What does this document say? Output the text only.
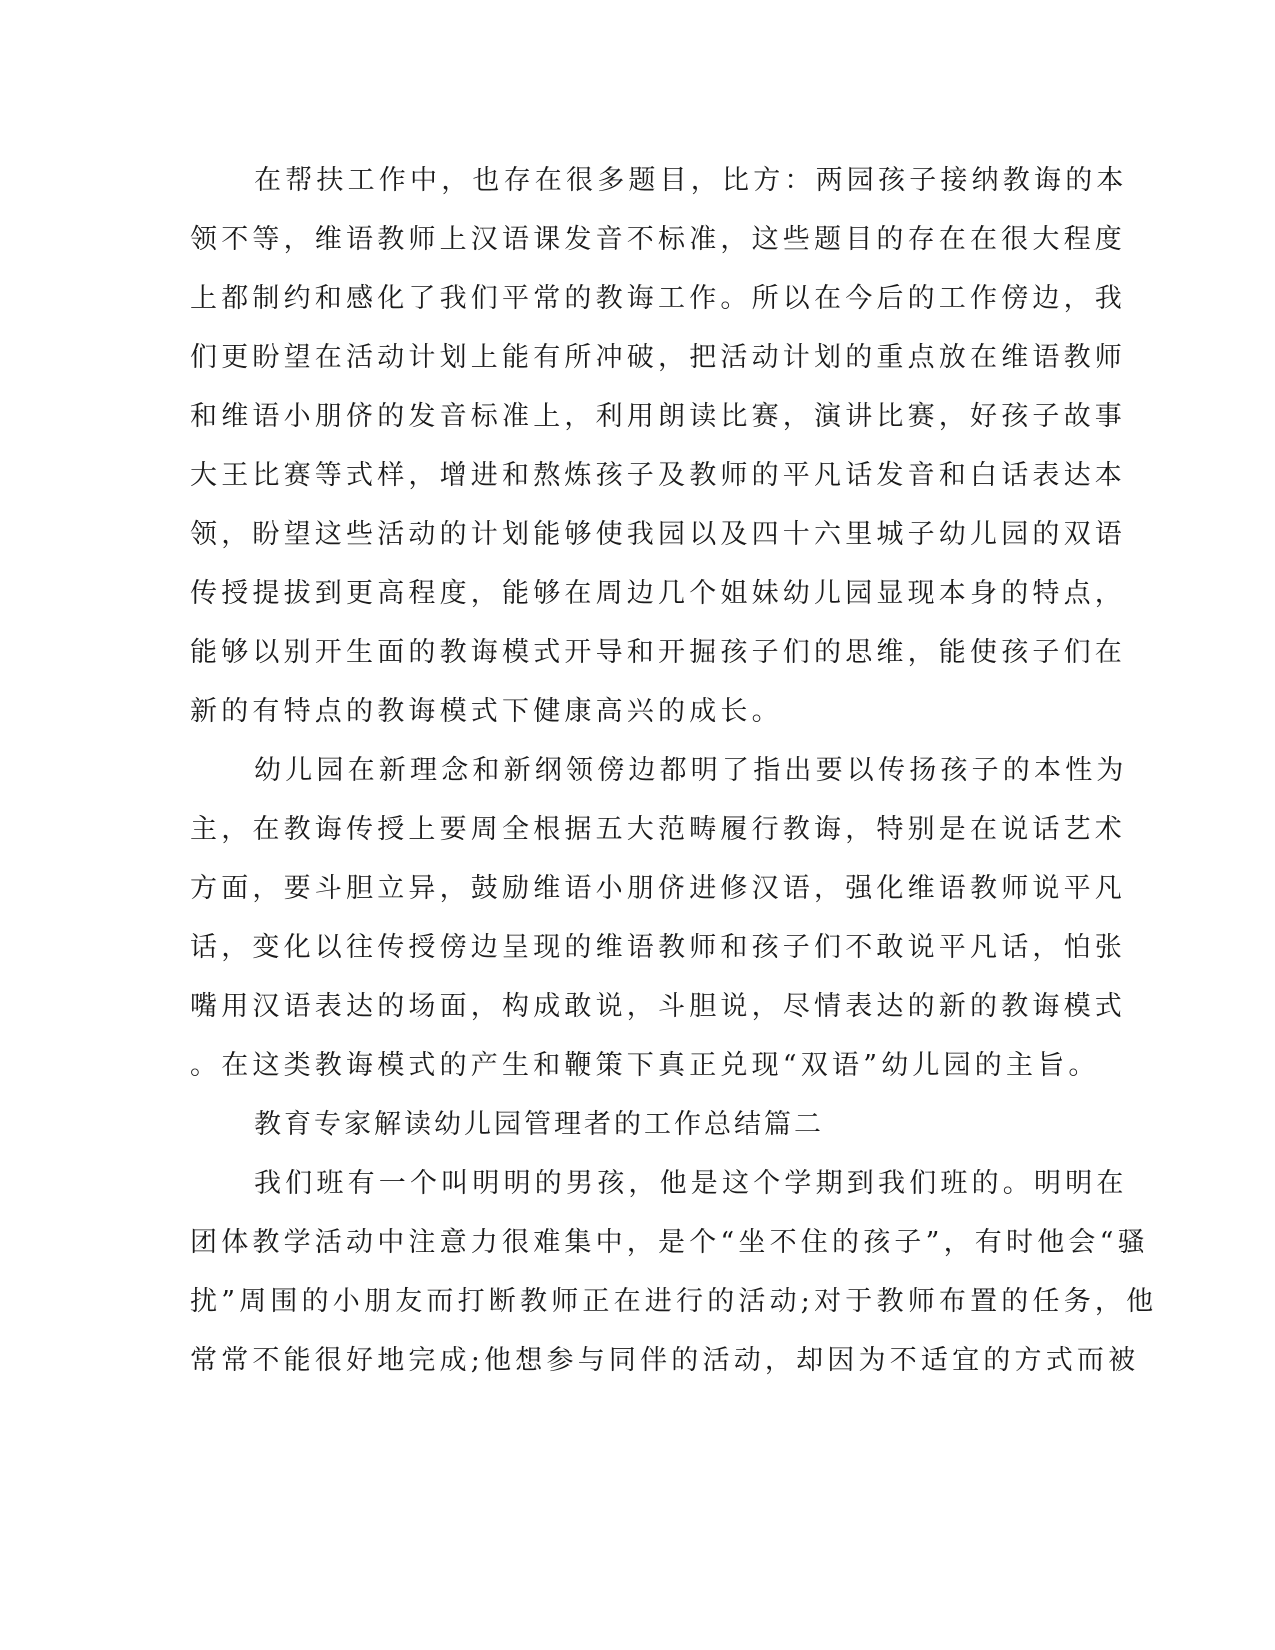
在帮扶工作中，也存在很多题目，比方：两园孩子接纳教诲的本
领不等，维语教师上汉语课发音不标准，这些题目的存在在很大程度
上都制约和感化了我们平常的教诲工作。所以在今后的工作傍边，我
们更盼望在活动计划上能有所冲破，把活动计划的重点放在维语教师
和维语小朋侪的发音标准上，利用朗读比赛，演讲比赛，好孩子故事
大王比赛等式样，增进和熬炼孩子及教师的平凡话发音和白话表达本
领，盼望这些活动的计划能够使我园以及四十六里城子幼儿园的双语
传授提拔到更高程度，能够在周边几个姐妹幼儿园显现本身的特点，
能够以别开生面的教诲模式开导和开掘孩子们的思维，能使孩子们在
新的有特点的教诲模式下健康高兴的成长。
幼儿园在新理念和新纲领傍边都明了指出要以传扬孩子的本性为
主，在教诲传授上要周全根据五大范畴履行教诲，特别是在说话艺术
方面，要斗胆立异，鼓励维语小朋侪进修汉语，强化维语教师说平凡
话，变化以往传授傍边呈现的维语教师和孩子们不敢说平凡话，怕张
嘴用汉语表达的场面，构成敢说，斗胆说，尽情表达的新的教诲模式
。在这类教诲模式的产生和鞭策下真正兑现“双语”幼儿园的主旨。
教育专家解读幼儿园管理者的工作总结篇二
我们班有一个叫明明的男孩，他是这个学期到我们班的。明明在
团体教学活动中注意力很难集中，是个“坐不住的孩子”，有时他会“骚
扰”周围的小朋友而打断教师正在进行的活动;对于教师布置的任务，他
常常不能很好地完成;他想参与同伴的活动，却因为不适宜的方式而被
